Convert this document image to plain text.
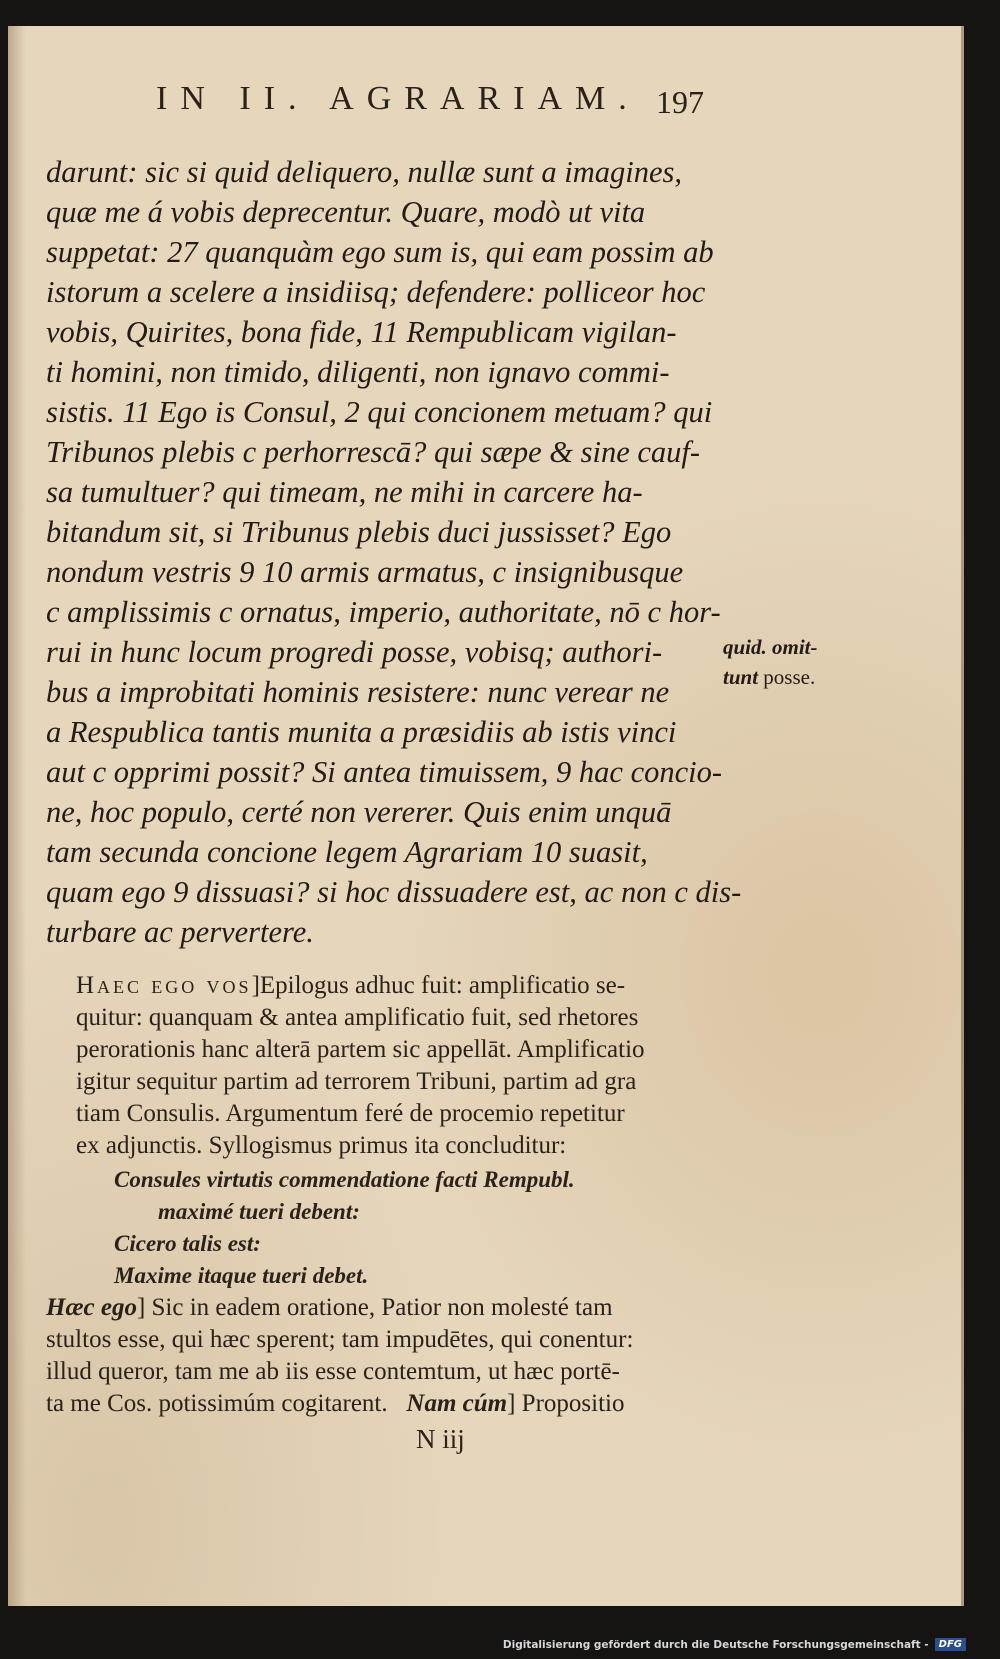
IN II. AGRARIAM. 197
darunt: sic si quid deliquero, nullæ sunt a imagines,
quæ me á vobis deprecentur. Quare, modò ut vita
suppetat: 27 quanquàm ego sum is, qui eam possim ab
istorum a scelere a insidiisq; defendere: polliceor hoc
vobis, Quirites, bona fide, 11 Rempublicam vigilan-
ti homini, non timido, diligenti, non ignavo commi-
sistis. 11 Ego is Consul, 2 qui concionem metuam? qui
Tribunos plebis c perhorrescā? qui sæpe & sine cauf-
sa tumultuer? qui timeam, ne mihi in carcere ha-
bitandum sit, si Tribunus plebis duci jussisset? Ego
nondum vestris 9 10 armis armatus, c insignibusque
c amplissimis c ornatus, imperio, authoritate, nō c hor-
rui in hunc locum progredi posse, vobisq; authori-
bus a improbitati hominis resistere: nunc verear ne
a Respublica tantis munita a præsidiis ab istis vinci
aut c opprimi possit? Si antea timuissem, 9 hac concio-
ne, hoc populo, certé non vererer. Quis enim unquā
tam secunda concione legem Agrariam 10 suasit,
quam ego 9 dissuasi? si hoc dissuadere est, ac non c dis-
turbare ac pervertere.
quid. omit-
tunt posse.
Haec ego vos]Epilogus adhuc fuit: amplificatio se-
quitur: quanquam & antea amplificatio fuit, sed rhetores
perorationis hanc alterā partem sic appellāt. Amplificatio
igitur sequitur partim ad terrorem Tribuni, partim ad gra
tiam Consulis. Argumentum feré de procemio repetitur
ex adjunctis. Syllogismus primus ita concluditur:
Consules virtutis commendatione facti Rempubl.
maximé tueri debent:
Cicero talis est:
Maxime itaque tueri debet.
Hæc ego] Sic in eadem oratione, Patior non molesté tam
stultos esse, qui hæc sperent; tam impudētes, qui conentur:
illud queror, tam me ab iis esse contemtum, ut hæc portē-
ta me Cos. potissimúm cogitarent. Nam cúm] Propositio
N iij
Digitalisierung gefördert durch die Deutsche Forschungsgemeinschaft -	DFG
